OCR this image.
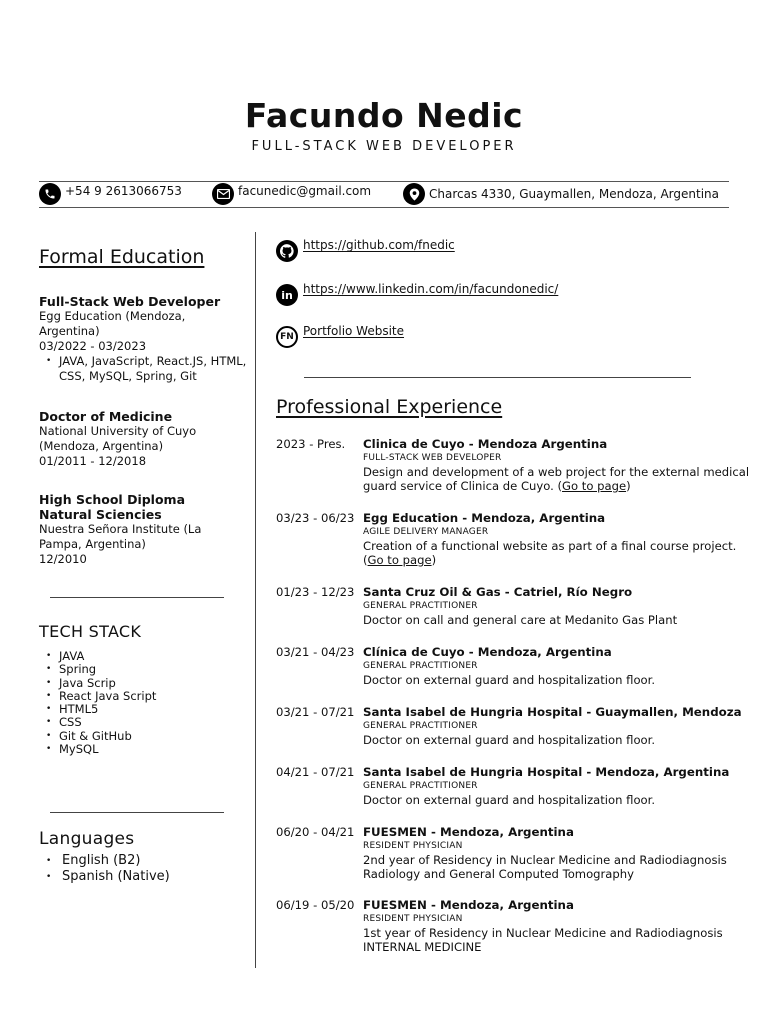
Facundo Nedic
FULL-STACK WEB DEVELOPER
+54 9 2613066753	facunedic@gmail.com	Charcas 4330, Guaymallen, Mendoza, Argentina
Formal Education
Full-Stack Web Developer
Egg Education (Mendoza, Argentina)
03/2022 - 03/2023
• JAVA, JavaScript, React.JS, HTML, CSS, MySQL, Spring, Git
Doctor of Medicine
National University of Cuyo (Mendoza, Argentina)
01/2011 - 12/2018
High School Diploma Natural Sciencies
Nuestra Señora Institute (La Pampa, Argentina)
12/2010
TECH STACK
• JAVA
• Spring
• Java Scrip
• React Java Script
• HTML5
• CSS
• Git & GitHub
• MySQL
Languages
• English (B2)
• Spanish (Native)
https://github.com/fnedic
in https://www.linkedin.com/in/facundonedic/
FN Portfolio Website
Professional Experience
2023 - Pres. Clinica de Cuyo - Mendoza Argentina
FULL-STACK WEB DEVELOPER
Design and development of a web project for the external medical guard service of Clinica de Cuyo. (Go to page)
03/23 - 06/23 Egg Education - Mendoza, Argentina
AGILE DELIVERY MANAGER
Creation of a functional website as part of a final course project. (Go to page)
01/23 - 12/23 Santa Cruz Oil & Gas - Catriel, Río Negro
GENERAL PRACTITIONER
Doctor on call and general care at Medanito Gas Plant
03/21 - 04/23 Clínica de Cuyo - Mendoza, Argentina
GENERAL PRACTITIONER
Doctor on external guard and hospitalization floor.
03/21 - 07/21 Santa Isabel de Hungria Hospital - Guaymallen, Mendoza
GENERAL PRACTITIONER
Doctor on external guard and hospitalization floor.
04/21 - 07/21 Santa Isabel de Hungria Hospital - Mendoza, Argentina
GENERAL PRACTITIONER
Doctor on external guard and hospitalization floor.
06/20 - 04/21 FUESMEN - Mendoza, Argentina
RESIDENT PHYSICIAN
2nd year of Residency in Nuclear Medicine and Radiodiagnosis
Radiology and General Computed Tomography
06/19 - 05/20 FUESMEN - Mendoza, Argentina
RESIDENT PHYSICIAN
1st year of Residency in Nuclear Medicine and Radiodiagnosis
INTERNAL MEDICINE
